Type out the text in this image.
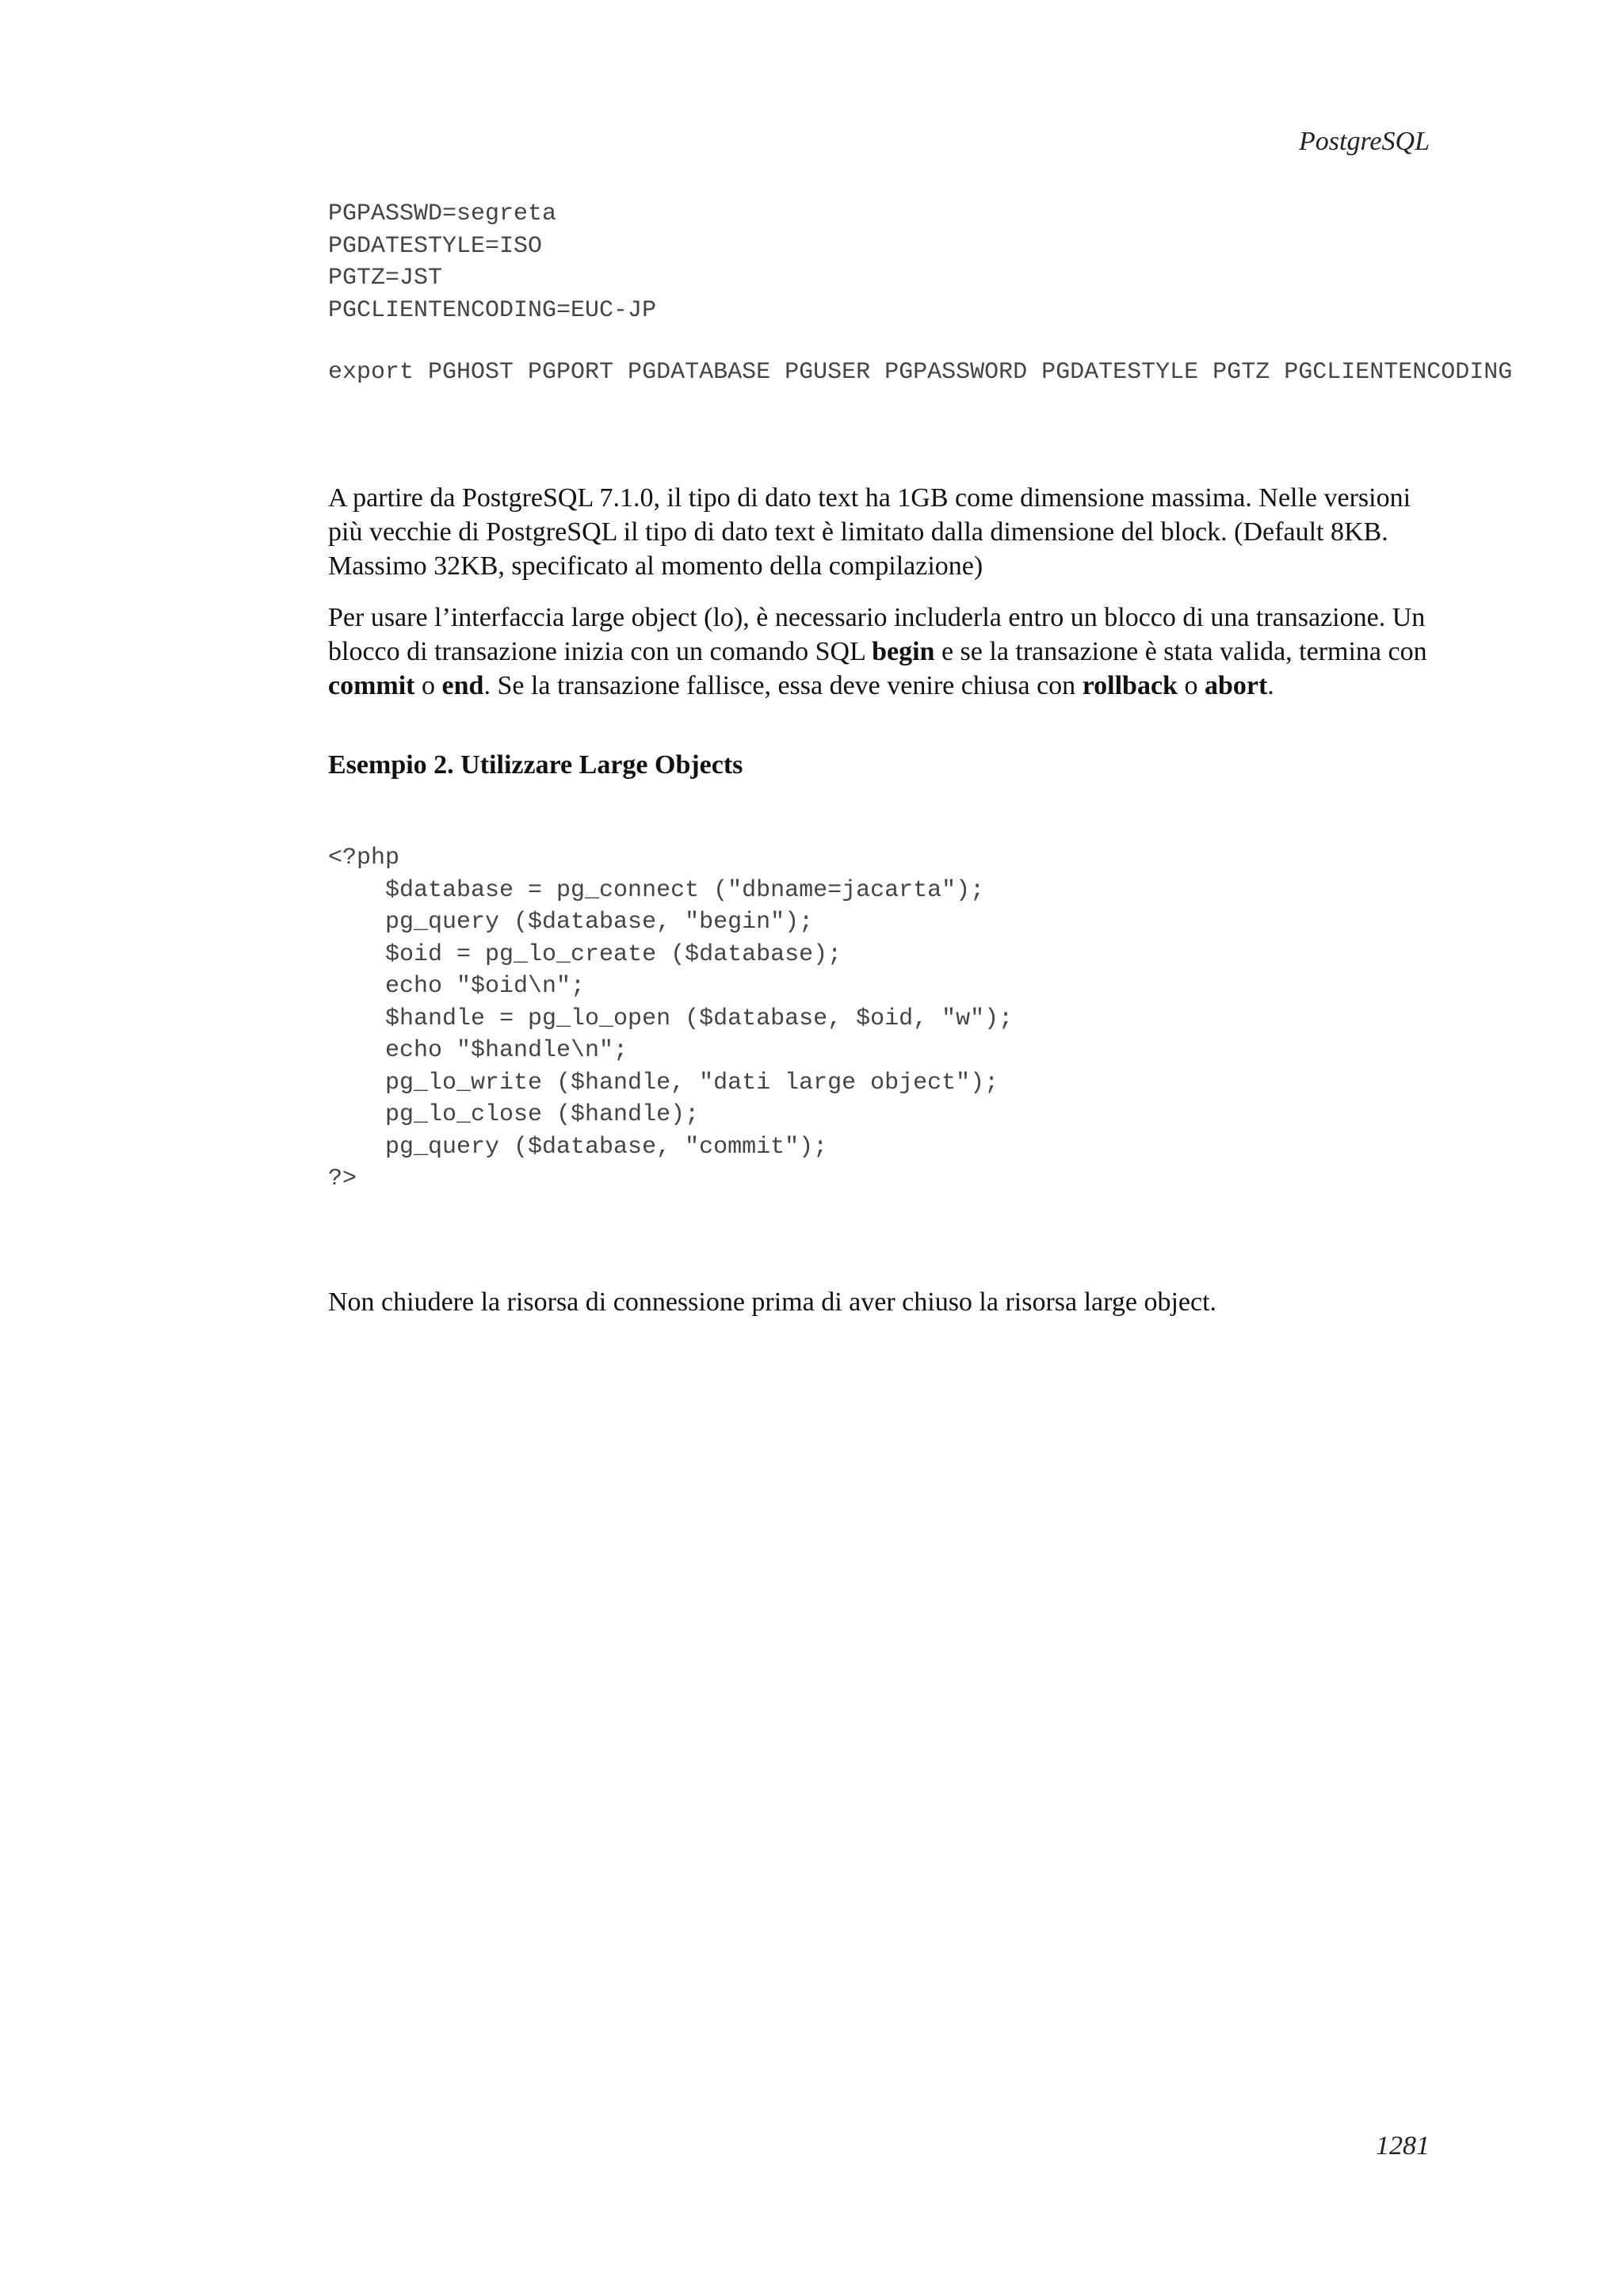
PostgreSQL
PGPASSWD=segreta
PGDATESTYLE=ISO
PGTZ=JST
PGCLIENTENCODING=EUC-JP
export PGHOST PGPORT PGDATABASE PGUSER PGPASSWORD PGDATESTYLE PGTZ PGCLIENTENCODING

A partire da PostgreSQL 7.1.0, il tipo di dato text ha 1GB come dimensione massima. Nelle versioni più vecchie di PostgreSQL il tipo di dato text è limitato dalla dimensione del block. (Default 8KB. Massimo 32KB, specificato al momento della compilazione)

Per usare l’interfaccia large object (lo), è necessario includerla entro un blocco di una transazione. Un blocco di transazione inizia con un comando SQL begin e se la transazione è stata valida, termina con commit o end. Se la transazione fallisce, essa deve venire chiusa con rollback o abort.

Esempio 2. Utilizzare Large Objects
<?php
$database = pg_connect ("dbname=jacarta");
pg_query ($database, "begin");
$oid = pg_lo_create ($database);
echo "$oid\n";
$handle = pg_lo_open ($database, $oid, "w");
echo "$handle\n";
pg_lo_write ($handle, "dati large object");
pg_lo_close ($handle);
pg_query ($database, "commit");
?>

Non chiudere la risorsa di connessione prima di aver chiuso la risorsa large object.

1281
